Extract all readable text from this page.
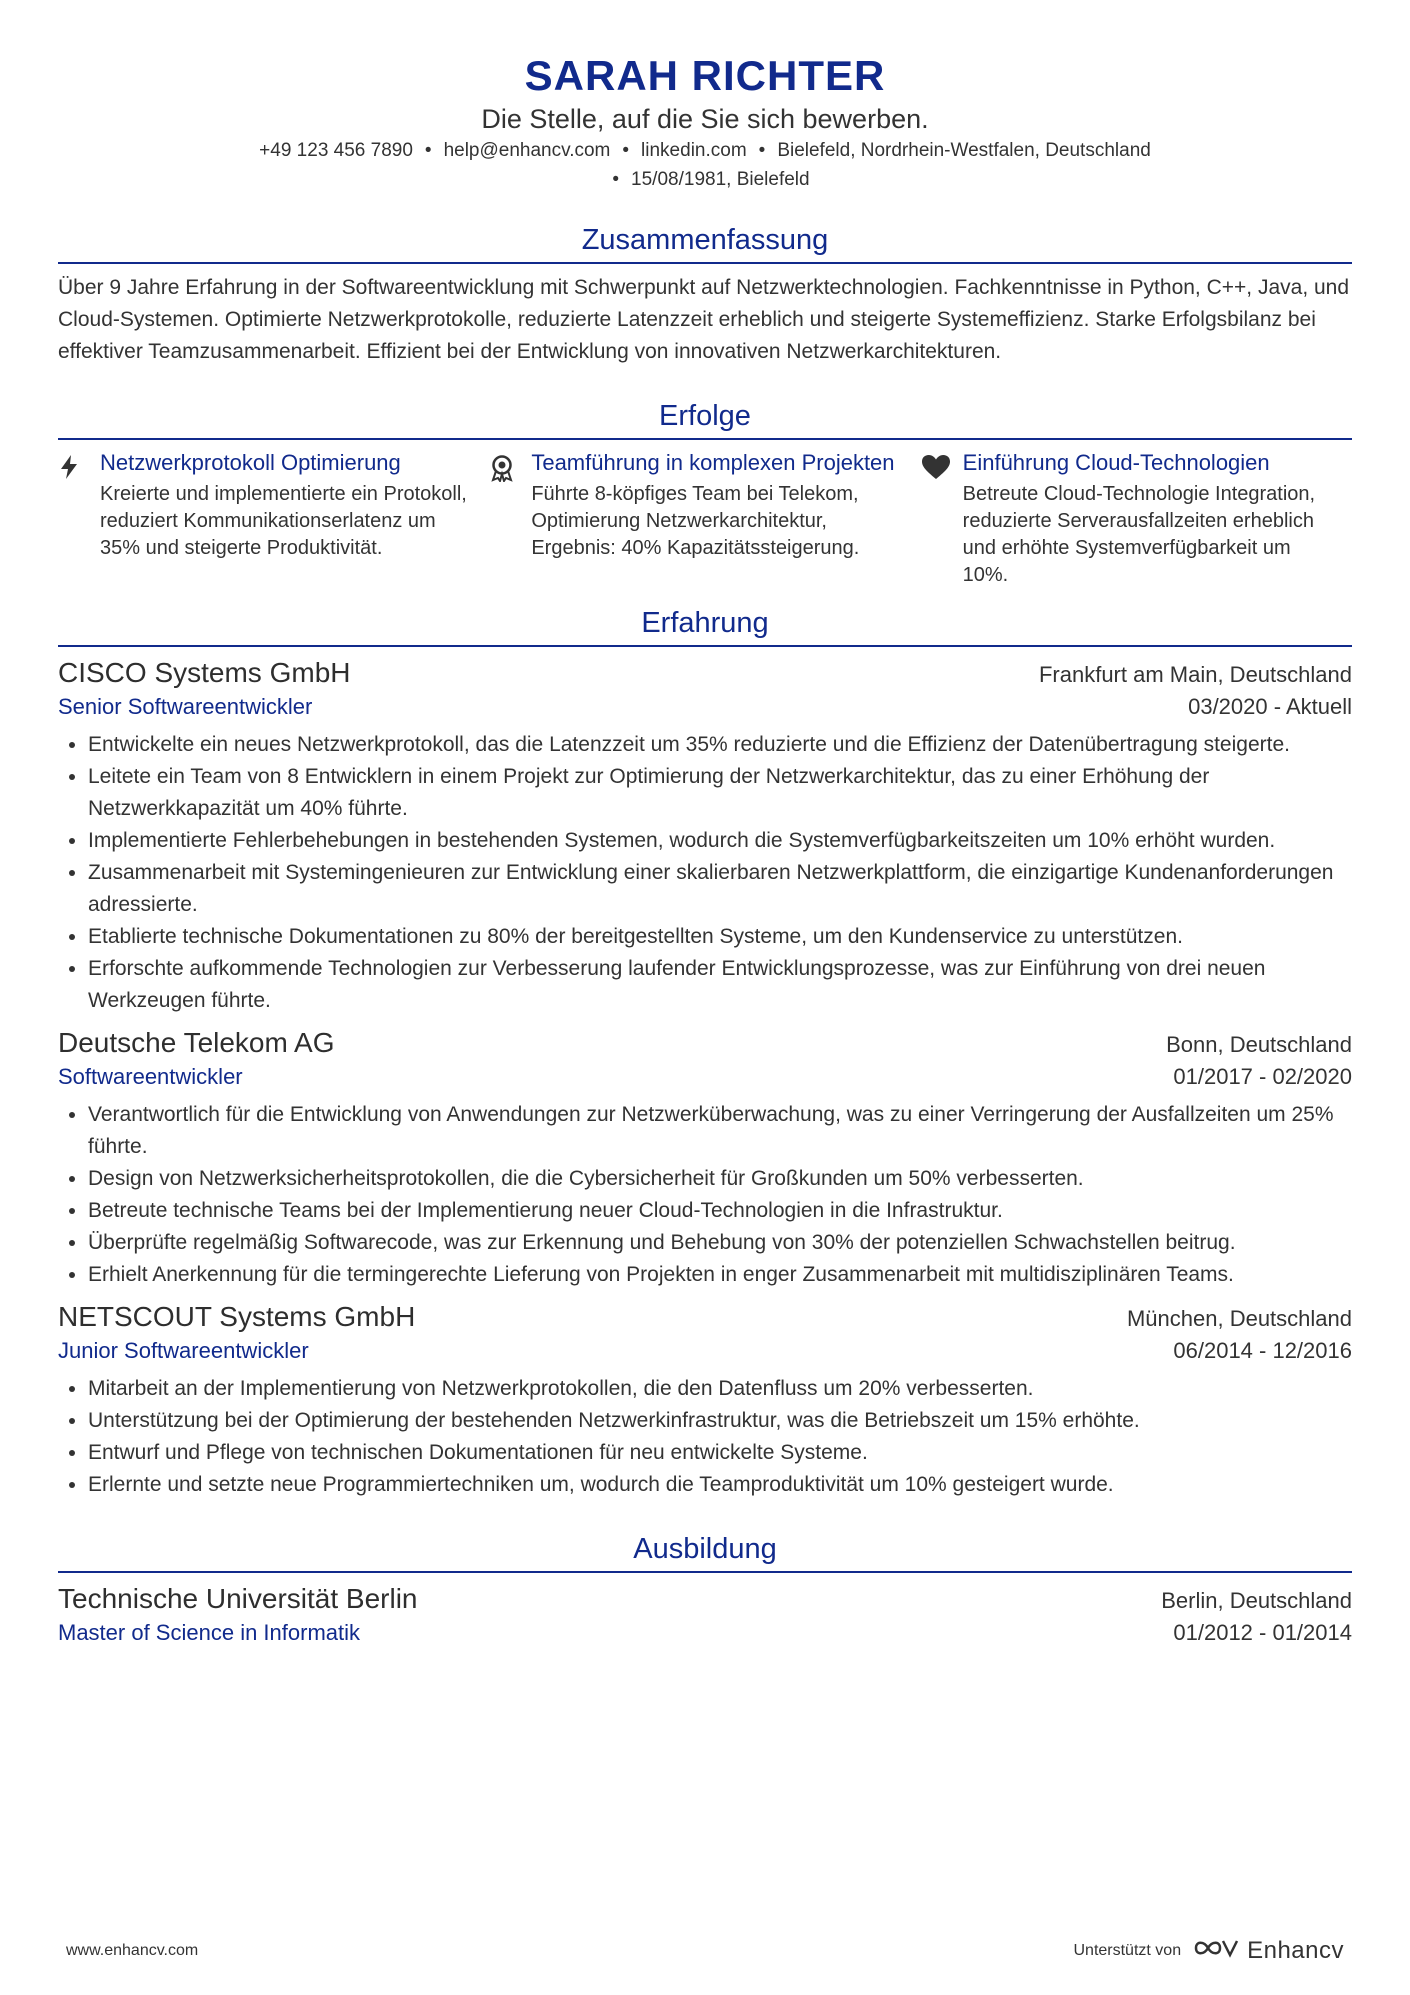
SARAH RICHTER
Die Stelle, auf die Sie sich bewerben.
+49 123 456 7890 • help@enhancv.com • linkedin.com • Bielefeld, Nordrhein-Westfalen, Deutschland
• 15/08/1981, Bielefeld
Zusammenfassung
Über 9 Jahre Erfahrung in der Softwareentwicklung mit Schwerpunkt auf Netzwerktechnologien. Fachkenntnisse in Python, C++, Java, und Cloud-Systemen. Optimierte Netzwerkprotokolle, reduzierte Latenzzeit erheblich und steigerte Systemeffizienz. Starke Erfolgsbilanz bei effektiver Teamzusammenarbeit. Effizient bei der Entwicklung von innovativen Netzwerkarchitekturen.
Erfolge
Netzwerkprotokoll Optimierung
Kreierte und implementierte ein Protokoll, reduziert Kommunikationserlatenz um 35% und steigerte Produktivität.
Teamführung in komplexen Projekten
Führte 8-köpfiges Team bei Telekom, Optimierung Netzwerkarchitektur, Ergebnis: 40% Kapazitätssteigerung.
Einführung Cloud-Technologien
Betreute Cloud-Technologie Integration, reduzierte Serverausfallzeiten erheblich und erhöhte Systemverfügbarkeit um 10%.
Erfahrung
CISCO Systems GmbH	Frankfurt am Main, Deutschland
Senior Softwareentwickler	03/2020 - Aktuell
• Entwickelte ein neues Netzwerkprotokoll, das die Latenzzeit um 35% reduzierte und die Effizienz der Datenübertragung steigerte.
• Leitete ein Team von 8 Entwicklern in einem Projekt zur Optimierung der Netzwerkarchitektur, das zu einer Erhöhung der Netzwerkkapazität um 40% führte.
• Implementierte Fehlerbehebungen in bestehenden Systemen, wodurch die Systemverfügbarkeitszeiten um 10% erhöht wurden.
• Zusammenarbeit mit Systemingenieuren zur Entwicklung einer skalierbaren Netzwerkplattform, die einzigartige Kundenanforderungen adressierte.
• Etablierte technische Dokumentationen zu 80% der bereitgestellten Systeme, um den Kundenservice zu unterstützen.
• Erforschte aufkommende Technologien zur Verbesserung laufender Entwicklungsprozesse, was zur Einführung von drei neuen Werkzeugen führte.
Deutsche Telekom AG	Bonn, Deutschland
Softwareentwickler	01/2017 - 02/2020
• Verantwortlich für die Entwicklung von Anwendungen zur Netzwerküberwachung, was zu einer Verringerung der Ausfallzeiten um 25% führte.
• Design von Netzwerksicherheitsprotokollen, die die Cybersicherheit für Großkunden um 50% verbesserten.
• Betreute technische Teams bei der Implementierung neuer Cloud-Technologien in die Infrastruktur.
• Überprüfte regelmäßig Softwarecode, was zur Erkennung und Behebung von 30% der potenziellen Schwachstellen beitrug.
• Erhielt Anerkennung für die termingerechte Lieferung von Projekten in enger Zusammenarbeit mit multidisziplinären Teams.
NETSCOUT Systems GmbH	München, Deutschland
Junior Softwareentwickler	06/2014 - 12/2016
• Mitarbeit an der Implementierung von Netzwerkprotokollen, die den Datenfluss um 20% verbesserten.
• Unterstützung bei der Optimierung der bestehenden Netzwerkinfrastruktur, was die Betriebszeit um 15% erhöhte.
• Entwurf und Pflege von technischen Dokumentationen für neu entwickelte Systeme.
• Erlernte und setzte neue Programmiertechniken um, wodurch die Teamproduktivität um 10% gesteigert wurde.
Ausbildung
Technische Universität Berlin	Berlin, Deutschland
Master of Science in Informatik	01/2012 - 01/2014
www.enhancv.com	Unterstützt von	Enhancv
